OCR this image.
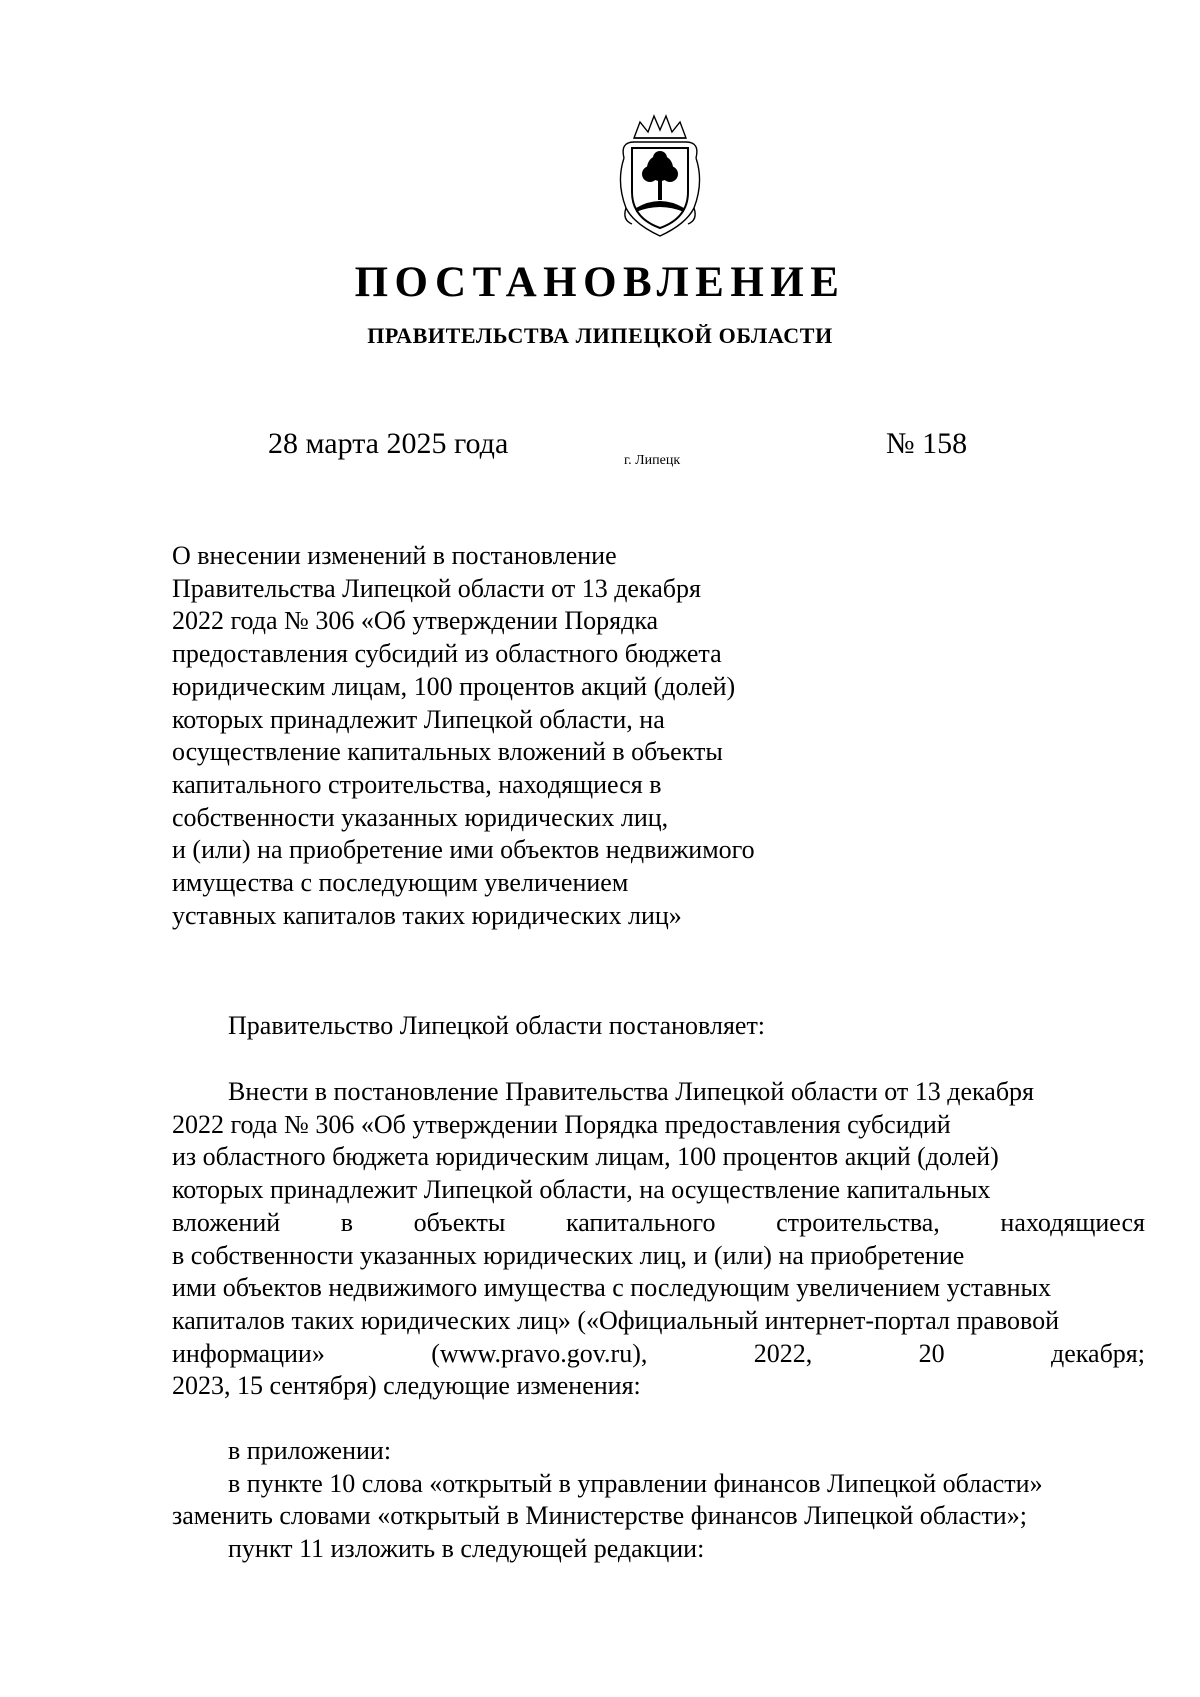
ПОСТАНОВЛЕНИЕ
ПРАВИТЕЛЬСТВА ЛИПЕЦКОЙ ОБЛАСТИ
28 марта 2025 года
г. Липецк
№ 158
О внесении изменений в постановление
Правительства Липецкой области от 13 декабря
2022 года № 306 «Об утверждении Порядка
предоставления субсидий из областного бюджета
юридическим лицам, 100 процентов акций (долей)
которых принадлежит Липецкой области, на
осуществление капитальных вложений в объекты
капитального строительства, находящиеся в
собственности указанных юридических лиц,
и (или) на приобретение ими объектов недвижимого
имущества с последующим увеличением
уставных капиталов таких юридических лиц»
Правительство Липецкой области постановляет:
Внести в постановление Правительства Липецкой области от 13 декабря
2022 года № 306 «Об утверждении Порядка предоставления субсидий
из областного бюджета юридическим лицам, 100 процентов акций (долей)
которых принадлежит Липецкой области, на осуществление капитальных
вложений в объекты капитального строительства, находящиеся
в собственности указанных юридических лиц, и (или) на приобретение
ими объектов недвижимого имущества с последующим увеличением уставных
капиталов таких юридических лиц» («Официальный интернет-портал правовой
информации»	(www.pravo.gov.ru),	2022,	20	декабря;
2023, 15 сентября) следующие изменения:
в приложении:
в пункте 10 слова «открытый в управлении финансов Липецкой области»
заменить словами «открытый в Министерстве финансов Липецкой области»;
пункт 11 изложить в следующей редакции:
